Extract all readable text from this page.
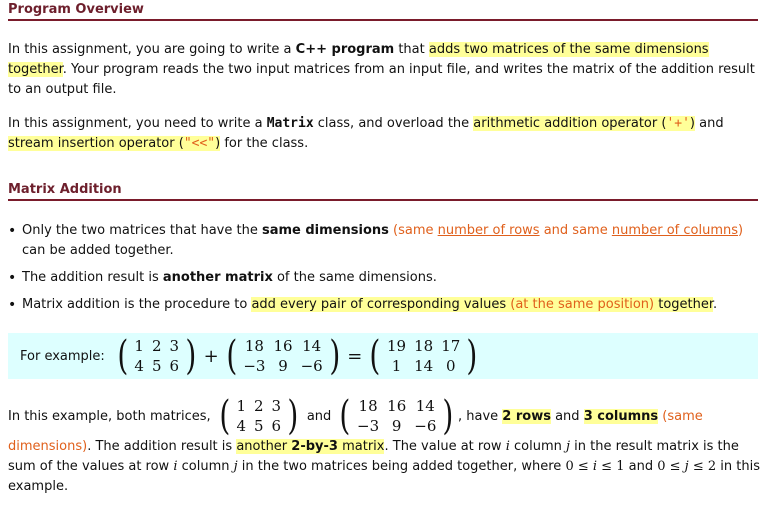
Program Overview
In this assignment, you are going to write a C++ program that adds two matrices of the same dimensions together. Your program reads the two input matrices from an input file, and writes the matrix of the addition result to an output file.
In this assignment, you need to write a Matrix class, and overload the arithmetic addition operator ('+') and stream insertion operator ("<<") for the class.
Matrix Addition
• Only the two matrices that have the same dimensions (same number of rows and same number of columns) can be added together.
• The addition result is another matrix of the same dimensions.
• Matrix addition is the procedure to add every pair of corresponding values (at the same position) together.
For example: ( 1	2	3
4	5	6 ) + ( 18	16	14
−3	9	−6 ) = ( 19	18	17
1	14	0 )
In this example, both matrices, ( 1	2	3
4	5	6 ) and ( 18	16	14
−3	9	−6 ) , have 2 rows and 3 columns (same
dimensions). The addition result is another 2-by-3 matrix. The value at row i column j in the result matrix is the sum of the values at row i column j in the two matrices being added together, where 0 ≤ i ≤ 1 and 0 ≤ j ≤ 2 in this example.
